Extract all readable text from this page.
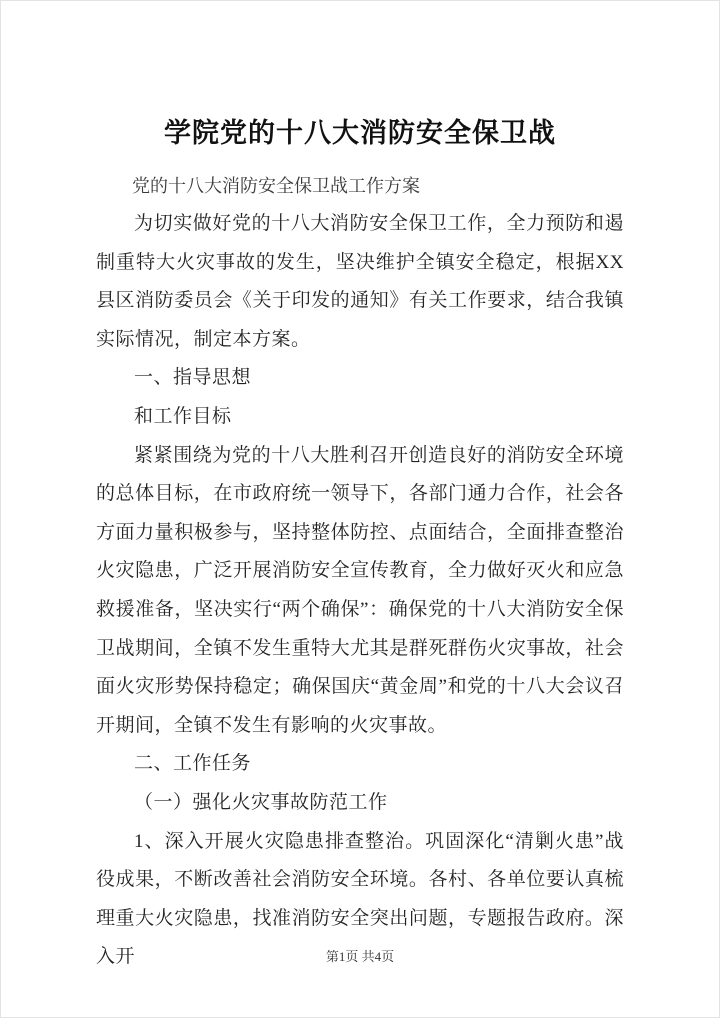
学院党的十八大消防安全保卫战

党的十八大消防安全保卫战工作方案

为切实做好党的十八大消防安全保卫工作，全力预防和遏制重特大火灾事故的发生，坚决维护全镇安全稳定，根据XX县区消防委员会《关于印发的通知》有关工作要求，结合我镇实际情况，制定本方案。

一、指导思想

和工作目标

紧紧围绕为党的十八大胜利召开创造良好的消防安全环境的总体目标，在市政府统一领导下，各部门通力合作，社会各方面力量积极参与，坚持整体防控、点面结合，全面排查整治火灾隐患，广泛开展消防安全宣传教育，全力做好灭火和应急救援准备，坚决实行“两个确保”：确保党的十八大消防安全保卫战期间，全镇不发生重特大尤其是群死群伤火灾事故，社会面火灾形势保持稳定；确保国庆“黄金周”和党的十八大会议召开期间，全镇不发生有影响的火灾事故。

二、工作任务

（一）强化火灾事故防范工作

1、深入开展火灾隐患排查整治。巩固深化“清剿火患”战役成果，不断改善社会消防安全环境。各村、各单位要认真梳理重大火灾隐患，找准消防安全突出问题，专题报告政府。深入开	第1页 共4页
